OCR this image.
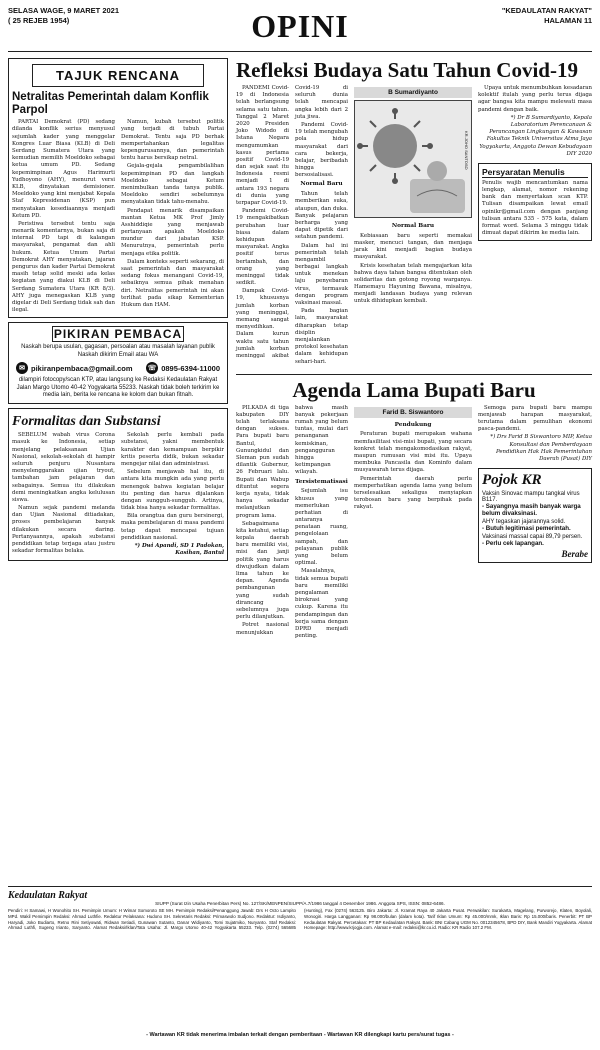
SELASA WAGE, 9 MARET 2021
( 25 REJEB 1954)	OPINI	"KEDAULATAN RAKYAT"
HALAMAN 11
TAJUK RENCANA
Netralitas Pemerintah dalam Konflik Parpol

PARTAI Demokrat (PD) sedang dilanda konflik serius menyusul sejumlah kader yang menggelar Kongres Luar Biasa (KLB) di Deli Serdang Sumatera Utara yang kemudian memilih Moeldoko sebagai ketua umum PD. Sedang kepemimpinan Agus Harimurti Yudhoyono (AHY), menurut versi KLB, dinyatakan demisioner. Moeldoko yang kini menjabat Kepala Staf Kepresidenan (KSP) pun menyatakan kesediaannya menjadi Ketum PD.

Peristiwa tersebut tentu saja menarik komentarnya, bukan saja di internal PD tapi di kalangan masyarakat, pengamat dan ahli hukum. Ketua Umum Partai Demokrat AHY menyatakan, jajaran pengurus dan kader Partai Demokrat masih tetap solid meski ada kelas kegiatan yang diakui KLB di Deli Serdang Sumatera Utara (KR 8/3). AHY juga menegaskan KLB yang digelar di Deli Serdang tidak sah dan ilegal.

Namun, kubah tersebut politik yang terjadi di tubuh Partai Demokrat. Tentu saja PD berhak mempertahankan legalitas kepengurusannya, dan pemerintah tentu harus bersikap netral.

Gejala-gejala pengambilalihan kepemimpinan PD dan langkah Moeldoko sebagai Ketum menimbulkan tanda tanya publik. Moeldoko sendiri sebelumnya menyatakan tidak tahu-menahu.

Pendapat menarik disampaikan mantan Ketua MK Prof Jimly Asshiddiqie yang menjawab pertanyaan apakah Moeldoko mundur dari jabatan KSP. Menurutnya, pemerintah perlu menjaga etika politik.

Dalam konteks seperti sekarang, di saat pemerintah dan masyarakat sedang fokus menangani Covid-19, sebaiknya semua pihak menahan diri. Netralitas pemerintah ini akan terlihat pada sikap Kementerian Hukum dan HAM.

PIKIRAN PEMBACA
Naskah berupa usulan, gagasan, persoalan atau masalah layanan publik
Naskah dikirim Email atau WA
✉ pikiranpembaca@gmail.com ☏ 0895-6394-11000
dilampiri fotocopy/scan KTP, atau langsung ke Redaksi Kedaulatan Rakyat
Jalan Margo Utomo 40-42 Yogyakarta 55233. Naskah tidak boleh terkirim ke media lain, berita ke rencana ke kolom dan bukan fitnah.
Formalitas dan Substansi

SEBELUM wabah virus Corona masuk ke Indonesia, setiap menjelang pelaksanaan Ujian Nasional, sekolah-sekolah di hampir seluruh penjuru Nusantara menyelenggarakan ujian tryout, tambahan jam pelajaran dan sebagainya. Semua itu dilakukan demi meningkatkan angka kelulusan siswa.

Namun sejak pandemi melanda dan Ujian Nasional ditiadakan, proses pembelajaran banyak dilakukan secara daring. Pertanyaannya, apakah substansi pendidikan tetap terjaga atau justru sekadar formalitas belaka.

Sekolah perlu kembali pada substansi, yakni membentuk karakter dan kemampuan berpikir kritis peserta didik, bukan sekadar mengejar nilai dan administrasi.

Sebelum menjawab hal itu, di antara kita mungkin ada yang perlu menengok bahwa kegiatan belajar itu penting dan harus dijalankan dengan sungguh-sungguh. Artinya, tidak bisa hanya sekadar formalitas.

Bila orangtua dan guru bersinergi, maka pembelajaran di masa pandemi tetap dapat mencapai tujuan pendidikan nasional.

*) Dwi Apandi, SD 1 Padokan, Kasihan, Bantul

Refleksi Budaya Satu Tahun Covid-19

PANDEMI Covid-19 di Indonesia telah berlangsung selama satu tahun. Tanggal 2 Maret 2020 Presiden Joko Widodo di Istana Negara mengumumkan kasus pertama positif Covid-19 dan sejak saat itu Indonesia resmi menjadi 1 di antara 193 negara di dunia yang terpapar Covid-19.

Pandemi Covid-19 mengakibatkan perubahan luar biasa dalam kehidupan masyarakat. Angka positif terus bertambah, dan orang yang meninggal tidak sedikit.

Dampak Covid-19, khususnya jumlah korban yang meninggal, memang sangat menyedihkan. Dalam kurun waktu satu tahun jumlah korban meninggal akibat Covid-19 di seluruh dunia telah mencapai angka lebih dari 2 juta jiwa.

Pandemi Covid-19 telah mengubah pola hidup masyarakat dari cara bekerja, belajar, beribadah hingga bersosialisasi.

Normal Baru

Tahun telah memberikan suka, ataupun, dan duka. Banyak pelajaran berharga yang dapat dipetik dari setahun pandemi.

Dalam hal ini pemerintah telah mengambil berbagai langkah untuk menekan laju penyebaran virus, termasuk dengan program vaksinasi massal.

Pada bagian lain, masyarakat diharapkan tetap disiplin menjalankan protokol kesehatan dalam kehidupan sehari-hari.

B Sumardiyanto
KR-JOHO SANTOSO
Normal Baru

Kebiasaan baru seperti memakai masker, mencuci tangan, dan menjaga jarak kini menjadi bagian budaya masyarakat.

Krisis kesehatan telah mengajarkan kita bahwa daya tahan bangsa ditentukan oleh solidaritas dan gotong royong warganya. Hamemayu Hayuning Bawana, misalnya, menjadi landasan budaya yang relevan untuk dihidupkan kembali.

Upaya untuk menumbuhkan kesadaran kolektif itulah yang perlu terus dijaga agar bangsa kita mampu melewati masa pandemi dengan baik.

*) Dr B Sumardiyanto, Kepala Laboratorium Perencanaan & Perancangan Lingkungan & Kawasan Fakultas Teknik Universitas Atma Jaya Yogyakarta, Anggota Dewan Kebudayaan DIY 2020

Persyaratan Menulis
Penulis wajib mencantumkan nama lengkap, alamat, nomor rekening bank dan menyertakan scan KTP. Tulisan disampaikan lewat email opinikr@gmail.com dengan panjang tulisan antara 535 - 575 kata, dalam format word. Selama 3 minggu tidak dimuat dapat dikirim ke media lain.
Agenda Lama Bupati Baru

PILKADA di tiga kabupaten DIY telah terlaksana dengan sukses. Para bupati baru Bantul, Gunungkidul dan Sleman pun sudah dilantik Gubernur, 26 Februari lalu. Bupati dan Wabup dituntut segera kerja nyata, tidak hanya sekadar melanjutkan program lama.

Sebagaimana kita ketahui, setiap kepala daerah baru memiliki visi, misi dan janji politik yang harus diwujudkan dalam lima tahun ke depan. Agenda pembangunan yang sudah dirancang sebelumnya juga perlu dilanjutkan.

Potret nasional menunjukkan bahwa masih banyak pekerjaan rumah yang belum tuntas, mulai dari penanganan kemiskinan, pengangguran hingga ketimpangan wilayah.

Tersistematisasi

Sejumlah isu khusus yang memerlukan perhatian di antaranya penataan ruang, pengelolaan sampah, dan pelayanan publik yang belum optimal.

Masalahnya, tidak semua bupati baru memiliki pengalaman birokrasi yang cukup. Karena itu pendampingan dan kerja sama dengan DPRD menjadi penting.

Farid B. Siswantoro
Pendukung

Peraturan bupati merupakan wahana memfasilitasi visi-misi bupati, yang secara konkret telah mengakomodasikan rakyat, maupun rumusan visi misi itu. Upaya membuka Pancasila dan Kominfo dalam musyawarah terus dijaga.

Pemerintah daerah perlu memperhatikan agenda lama yang belum terselesaikan sekaligus menyiapkan terobosan baru yang berpihak pada rakyat.

Semoga para bupati baru mampu menjawab harapan masyarakat, terutama dalam pemulihan ekonomi pasca-pandemi.

*) Drs Farid B Siswantoro MIP, Ketua Konsultasi dan Pemberdayaan Pendidikan Hak Hak Pemerintahan Daerah (Pusat) DIY

Pojok KR
Vaksin Sinovac mampu tangkal virus B117.
- Sayangnya masih banyak warga belum divaksinasi.
AHY tegaskan jajarannya solid.
- Butuh legitimasi pemerintah.
Vaksinasi massal capai 89,79 persen.
- Perlu cek lapangan.
Berabe
Kedaulatan Rakyat
SIUPP (Surat Izin Usaha Penerbitan Pers) No. 127/SK/MENPEN/SIUPP/A.7/1986 tanggal 4 Desember 1986. Anggota SPS, ISSN: 0852-6486.
Pendiri: H Samawi, H Wonohito SH. Pemimpin Umum: H Wimar Somoroto SE MH. Pemimpin Redaksi/Penanggung Jawab: Drs H Octo Lampito MPd. Wakil Pemimpin Redaksi: Ahmad Luthfie. Redaktur Pelaksana: Hudono SH. Sekretaris Redaksi: Primaswolo Sudjono. Redaktur: Isdiyanto, Haryadi, Joko Budiarto, Retno Rini Setiyowati, Ridwan Setiadi, Gunawan Sutanto, Danar Widiyanto, Tomi Sujatmiko, Nuryanto. Staf Redaksi: Ahmad Luthfi, Sugeng Irianto, Saryanto. Alamat Redaksi/Iklan/Tata Usaha: Jl. Margo Utomo 40-42 Yogyakarta 55233. Telp. (0274) 565685 (Hunting), Fax (0274) 563125. Biro Jakarta: Jl. Kramat Raya 40 Jakarta Pusat. Perwakilan: Surakarta, Magelang, Purworejo, Klaten, Boyolali, Wonogiri. Harga Langganan: Rp 98.000/bulan (dalam kota). Tarif Iklan Umum: Rp 45.000/mmk, Iklan Baris: Rp 15.000/baris. Penerbit: PT BP Kedaulatan Rakyat. Percetakan: PT BP Kedaulatan Rakyat. Bank: BNI Cabang UGM No. 0012345678, BPD DIY, Bank Mandiri Yogyakarta. Alamat Homepage: http://www.krjogja.com. Alamat e-mail: redaksi@kr.co.id. Radio: KR Radio 107.2 FM.
- Wartawan KR tidak menerima imbalan terkait dengan pemberitaan - Wartawan KR dilengkapi kartu pers/surat tugas -
